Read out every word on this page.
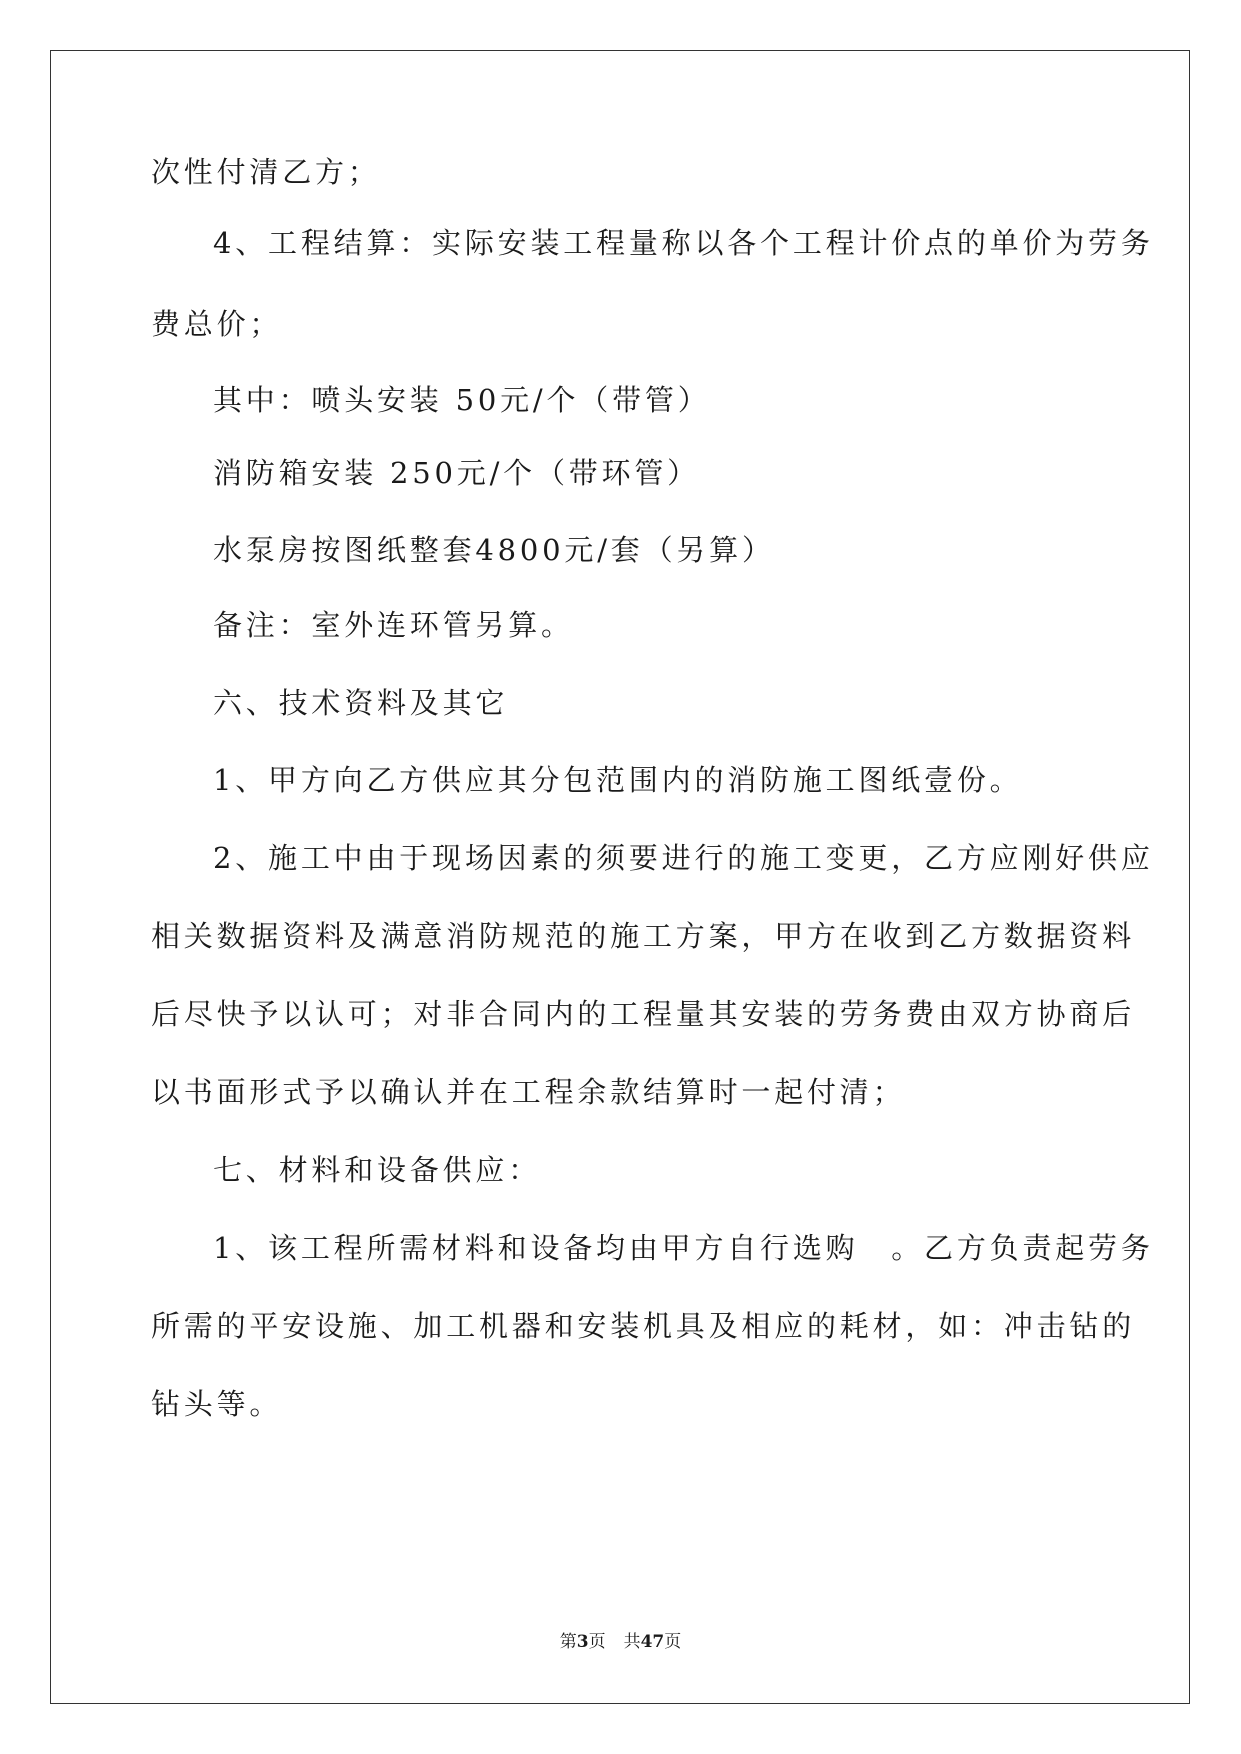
次性付清乙方；
4、工程结算：实际安装工程量称以各个工程计价点的单价为劳务
费总价；
其中：喷头安装 50元/个（带管）
消防箱安装 250元/个（带环管）
水泵房按图纸整套4800元/套（另算）
备注：室外连环管另算。
六、技术资料及其它
1、甲方向乙方供应其分包范围内的消防施工图纸壹份。
2、施工中由于现场因素的须要进行的施工变更，乙方应刚好供应
相关数据资料及满意消防规范的施工方案，甲方在收到乙方数据资料
后尽快予以认可；对非合同内的工程量其安装的劳务费由双方协商后
以书面形式予以确认并在工程余款结算时一起付清；
七、材料和设备供应：
1、该工程所需材料和设备均由甲方自行选购　。乙方负责起劳务
所需的平安设施、加工机器和安装机具及相应的耗材，如：冲击钻的
钻头等。
第3页 共47页
